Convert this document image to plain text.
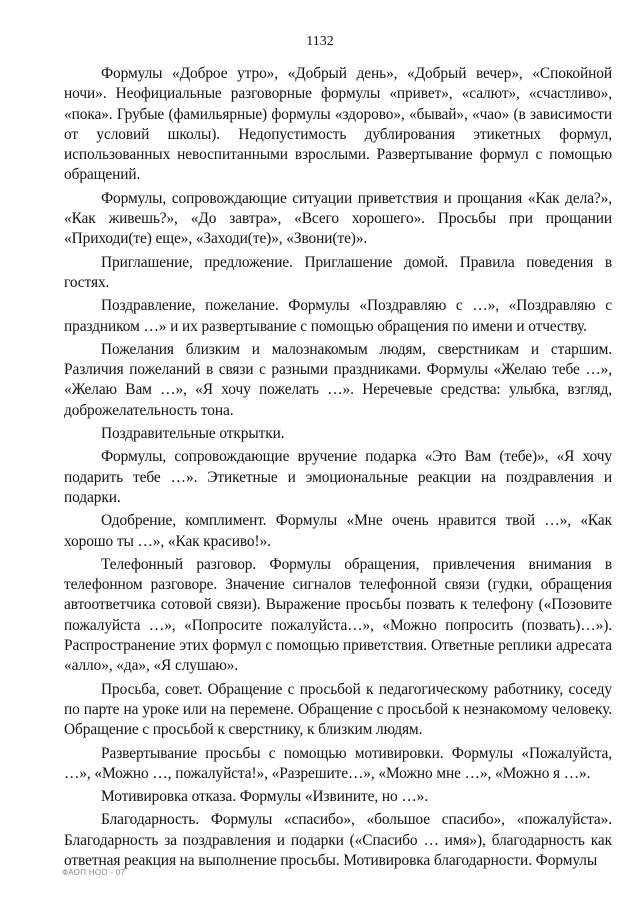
1132

Формулы «Доброе утро», «Добрый день», «Добрый вечер», «Спокойной ночи». Неофициальные разговорные формулы «привет», «салют», «счастливо», «пока». Грубые (фамильярные) формулы «здорово», «бывай», «чао» (в зависимости от условий школы). Недопустимость дублирования этикетных формул, использованных невоспитанными взрослыми. Развертывание формул с помощью обращений.

Формулы, сопровождающие ситуации приветствия и прощания «Как дела?», «Как живешь?», «До завтра», «Всего хорошего». Просьбы при прощании «Приходи(те) еще», «Заходи(те)», «Звони(те)».

Приглашение, предложение. Приглашение домой. Правила поведения в гостях.

Поздравление, пожелание. Формулы «Поздравляю с …», «Поздравляю с праздником …» и их развертывание с помощью обращения по имени и отчеству.

Пожелания близким и малознакомым людям, сверстникам и старшим. Различия пожеланий в связи с разными праздниками. Формулы «Желаю тебе …», «Желаю Вам …», «Я хочу пожелать …». Неречевые средства: улыбка, взгляд, доброжелательность тона.

Поздравительные открытки.

Формулы, сопровождающие вручение подарка «Это Вам (тебе)», «Я хочу подарить тебе …». Этикетные и эмоциональные реакции на поздравления и подарки.

Одобрение, комплимент. Формулы «Мне очень нравится твой …», «Как хорошо ты …», «Как красиво!».

Телефонный разговор. Формулы обращения, привлечения внимания в телефонном разговоре. Значение сигналов телефонной связи (гудки, обращения автоответчика сотовой связи). Выражение просьбы позвать к телефону («Позовите пожалуйста …», «Попросите пожалуйста…», «Можно попросить (позвать)…»). Распространение этих формул с помощью приветствия. Ответные реплики адресата «алло», «да», «Я слушаю».

Просьба, совет. Обращение с просьбой к педагогическому работнику, соседу по парте на уроке или на перемене. Обращение с просьбой к незнакомому человеку. Обращение с просьбой к сверстнику, к близким людям.

Развертывание просьбы с помощью мотивировки. Формулы «Пожалуйста, …», «Можно …, пожалуйста!», «Разрешите…», «Можно мне …», «Можно я …».

Мотивировка отказа. Формулы «Извините, но …».

Благодарность. Формулы «спасибо», «большое спасибо», «пожалуйста». Благодарность за поздравления и подарки («Спасибо … имя»), благодарность как ответная реакция на выполнение просьбы. Мотивировка благодарности. Формулы

ФАОП НОО - 07
